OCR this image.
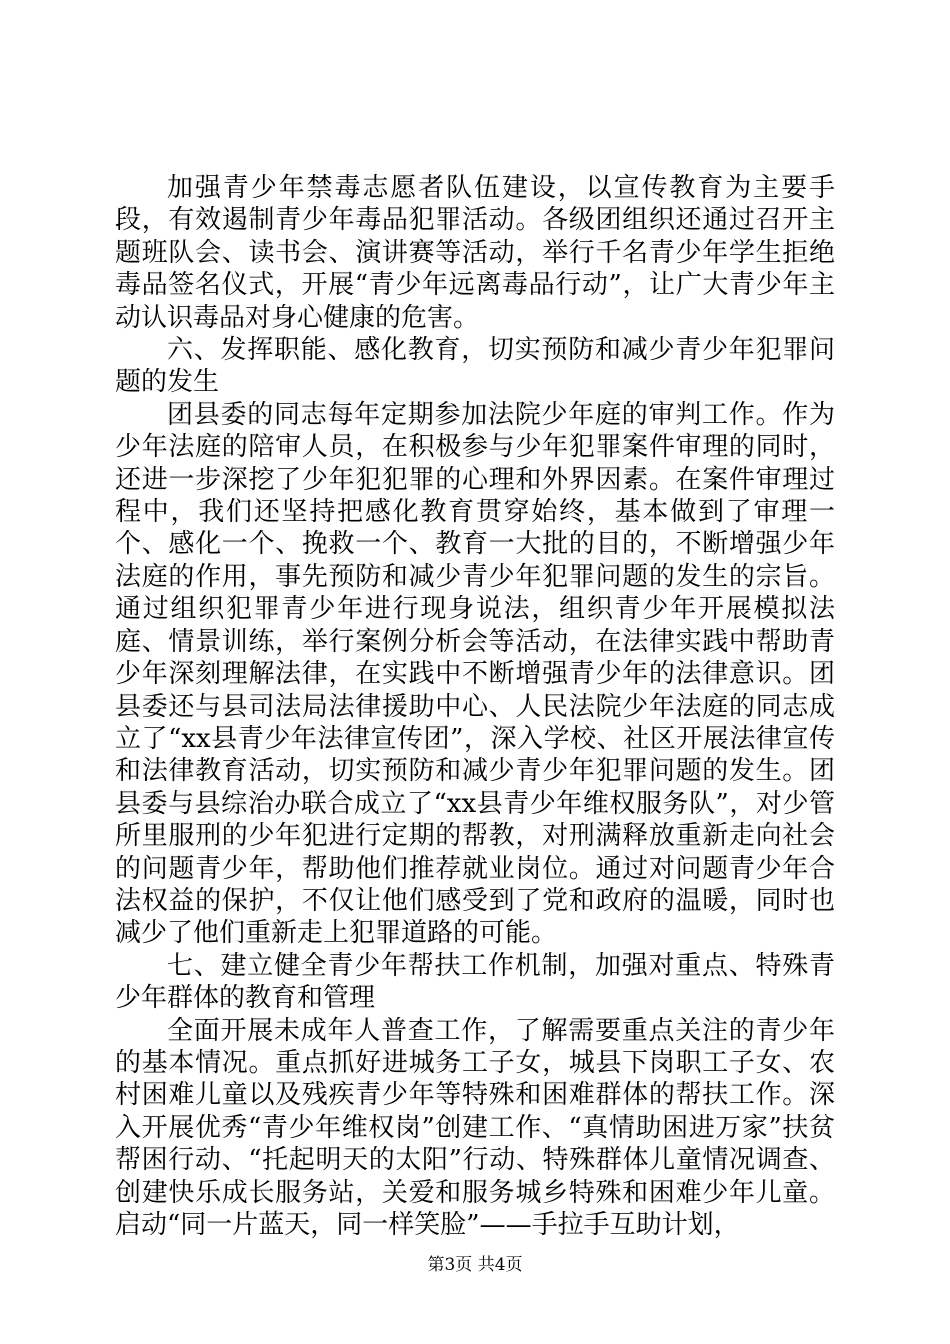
加强青少年禁毒志愿者队伍建设，以宣传教育为主要手段，有效遏制青少年毒品犯罪活动。各级团组织还通过召开主题班队会、读书会、演讲赛等活动，举行千名青少年学生拒绝毒品签名仪式，开展“青少年远离毒品行动”，让广大青少年主动认识毒品对身心健康的危害。

六、发挥职能、感化教育，切实预防和减少青少年犯罪问题的发生

团县委的同志每年定期参加法院少年庭的审判工作。作为少年法庭的陪审人员，在积极参与少年犯罪案件审理的同时，还进一步深挖了少年犯犯罪的心理和外界因素。在案件审理过程中，我们还坚持把感化教育贯穿始终，基本做到了审理一个、感化一个、挽救一个、教育一大批的目的，不断增强少年法庭的作用，事先预防和减少青少年犯罪问题的发生的宗旨。通过组织犯罪青少年进行现身说法，组织青少年开展模拟法庭、情景训练，举行案例分析会等活动，在法律实践中帮助青少年深刻理解法律，在实践中不断增强青少年的法律意识。团县委还与县司法局法律援助中心、人民法院少年法庭的同志成立了“xx县青少年法律宣传团”，深入学校、社区开展法律宣传和法律教育活动，切实预防和减少青少年犯罪问题的发生。团县委与县综治办联合成立了“xx县青少年维权服务队”，对少管所里服刑的少年犯进行定期的帮教，对刑满释放重新走向社会的问题青少年，帮助他们推荐就业岗位。通过对问题青少年合法权益的保护，不仅让他们感受到了党和政府的温暖，同时也减少了他们重新走上犯罪道路的可能。

七、建立健全青少年帮扶工作机制，加强对重点、特殊青少年群体的教育和管理

全面开展未成年人普查工作，了解需要重点关注的青少年的基本情况。重点抓好进城务工子女，城县下岗职工子女、农村困难儿童以及残疾青少年等特殊和困难群体的帮扶工作。深入开展优秀“青少年维权岗”创建工作、“真情助困进万家”扶贫帮困行动、“托起明天的太阳”行动、特殊群体儿童情况调查、创建快乐成长服务站，关爱和服务城乡特殊和困难少年儿童。启动“同一片蓝天，同一样笑脸”——手拉手互助计划，

第3页 共4页
